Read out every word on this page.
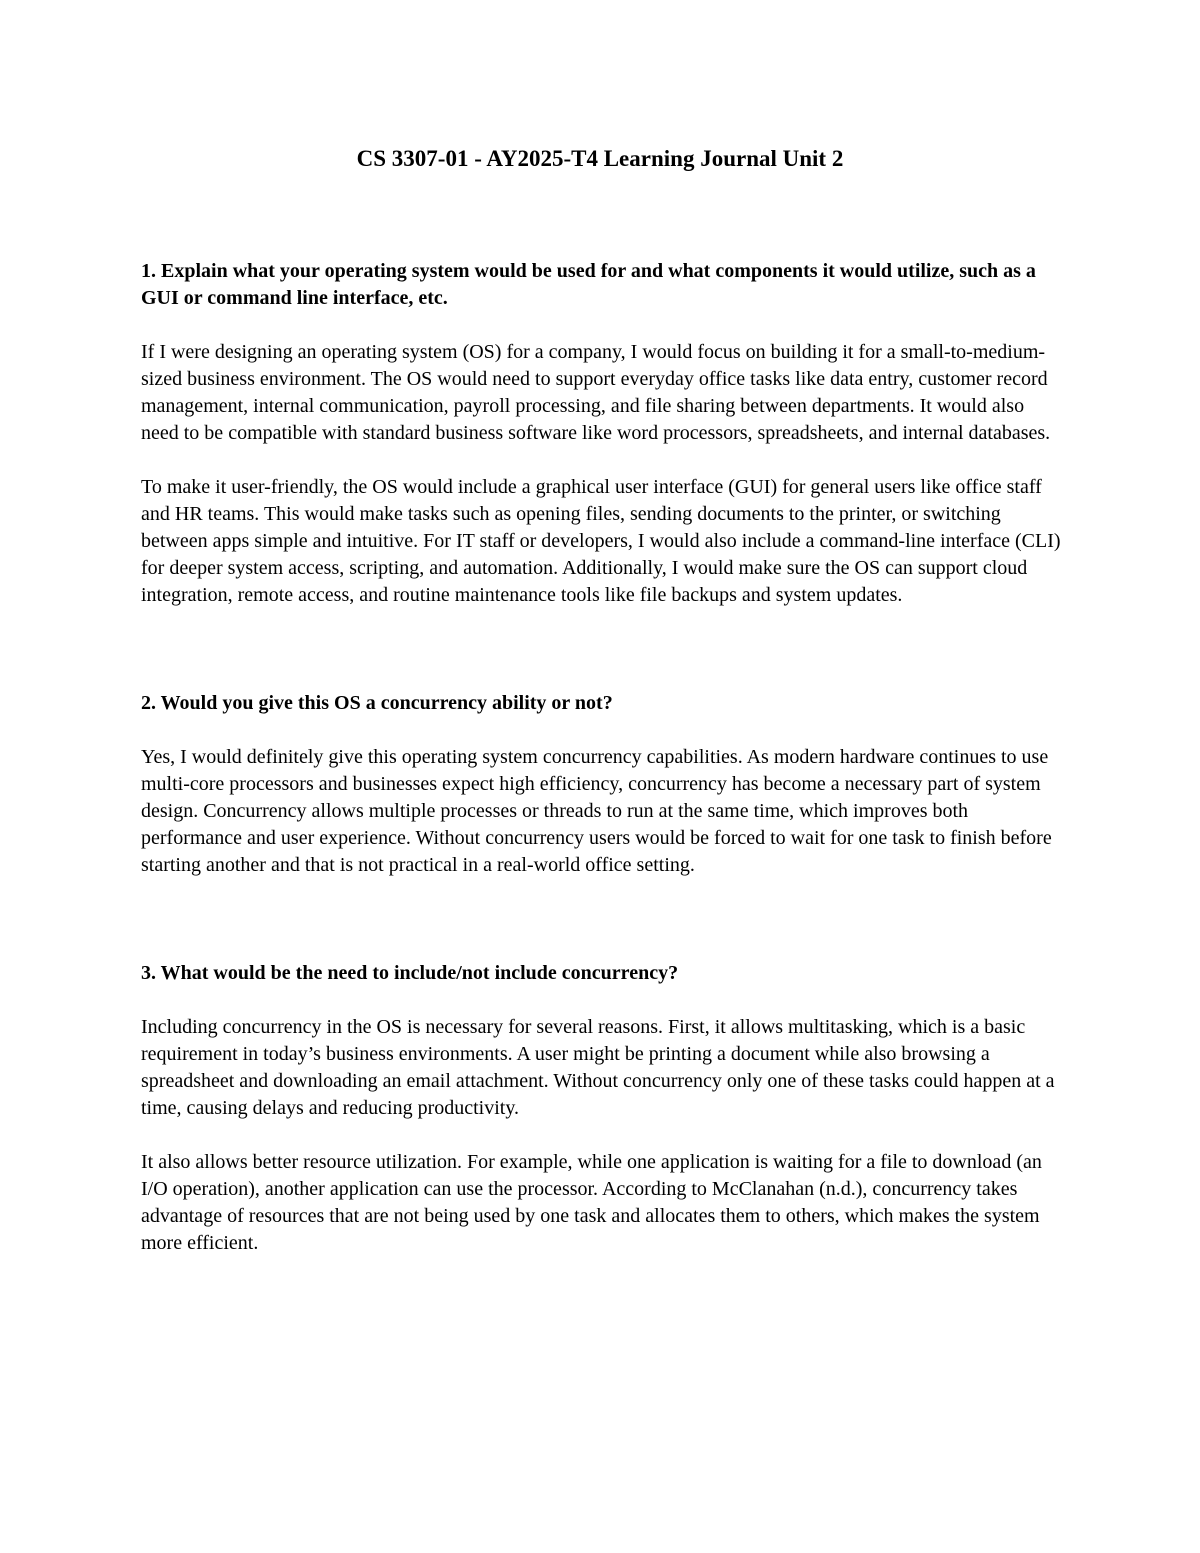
CS 3307-01 - AY2025-T4 Learning Journal Unit 2

1. Explain what your operating system would be used for and what components it would utilize, such as a GUI or command line interface, etc.

If I were designing an operating system (OS) for a company, I would focus on building it for a small-to-medium-sized business environment. The OS would need to support everyday office tasks like data entry, customer record management, internal communication, payroll processing, and file sharing between departments. It would also need to be compatible with standard business software like word processors, spreadsheets, and internal databases.

To make it user-friendly, the OS would include a graphical user interface (GUI) for general users like office staff and HR teams. This would make tasks such as opening files, sending documents to the printer, or switching between apps simple and intuitive. For IT staff or developers, I would also include a command-line interface (CLI) for deeper system access, scripting, and automation. Additionally, I would make sure the OS can support cloud integration, remote access, and routine maintenance tools like file backups and system updates.

2. Would you give this OS a concurrency ability or not?

Yes, I would definitely give this operating system concurrency capabilities. As modern hardware continues to use multi-core processors and businesses expect high efficiency, concurrency has become a necessary part of system design. Concurrency allows multiple processes or threads to run at the same time, which improves both performance and user experience. Without concurrency users would be forced to wait for one task to finish before starting another and that is not practical in a real-world office setting.

3. What would be the need to include/not include concurrency?

Including concurrency in the OS is necessary for several reasons. First, it allows multitasking, which is a basic requirement in today’s business environments. A user might be printing a document while also browsing a spreadsheet and downloading an email attachment. Without concurrency only one of these tasks could happen at a time, causing delays and reducing productivity.

It also allows better resource utilization. For example, while one application is waiting for a file to download (an I/O operation), another application can use the processor. According to McClanahan (n.d.), concurrency takes advantage of resources that are not being used by one task and allocates them to others, which makes the system more efficient.
